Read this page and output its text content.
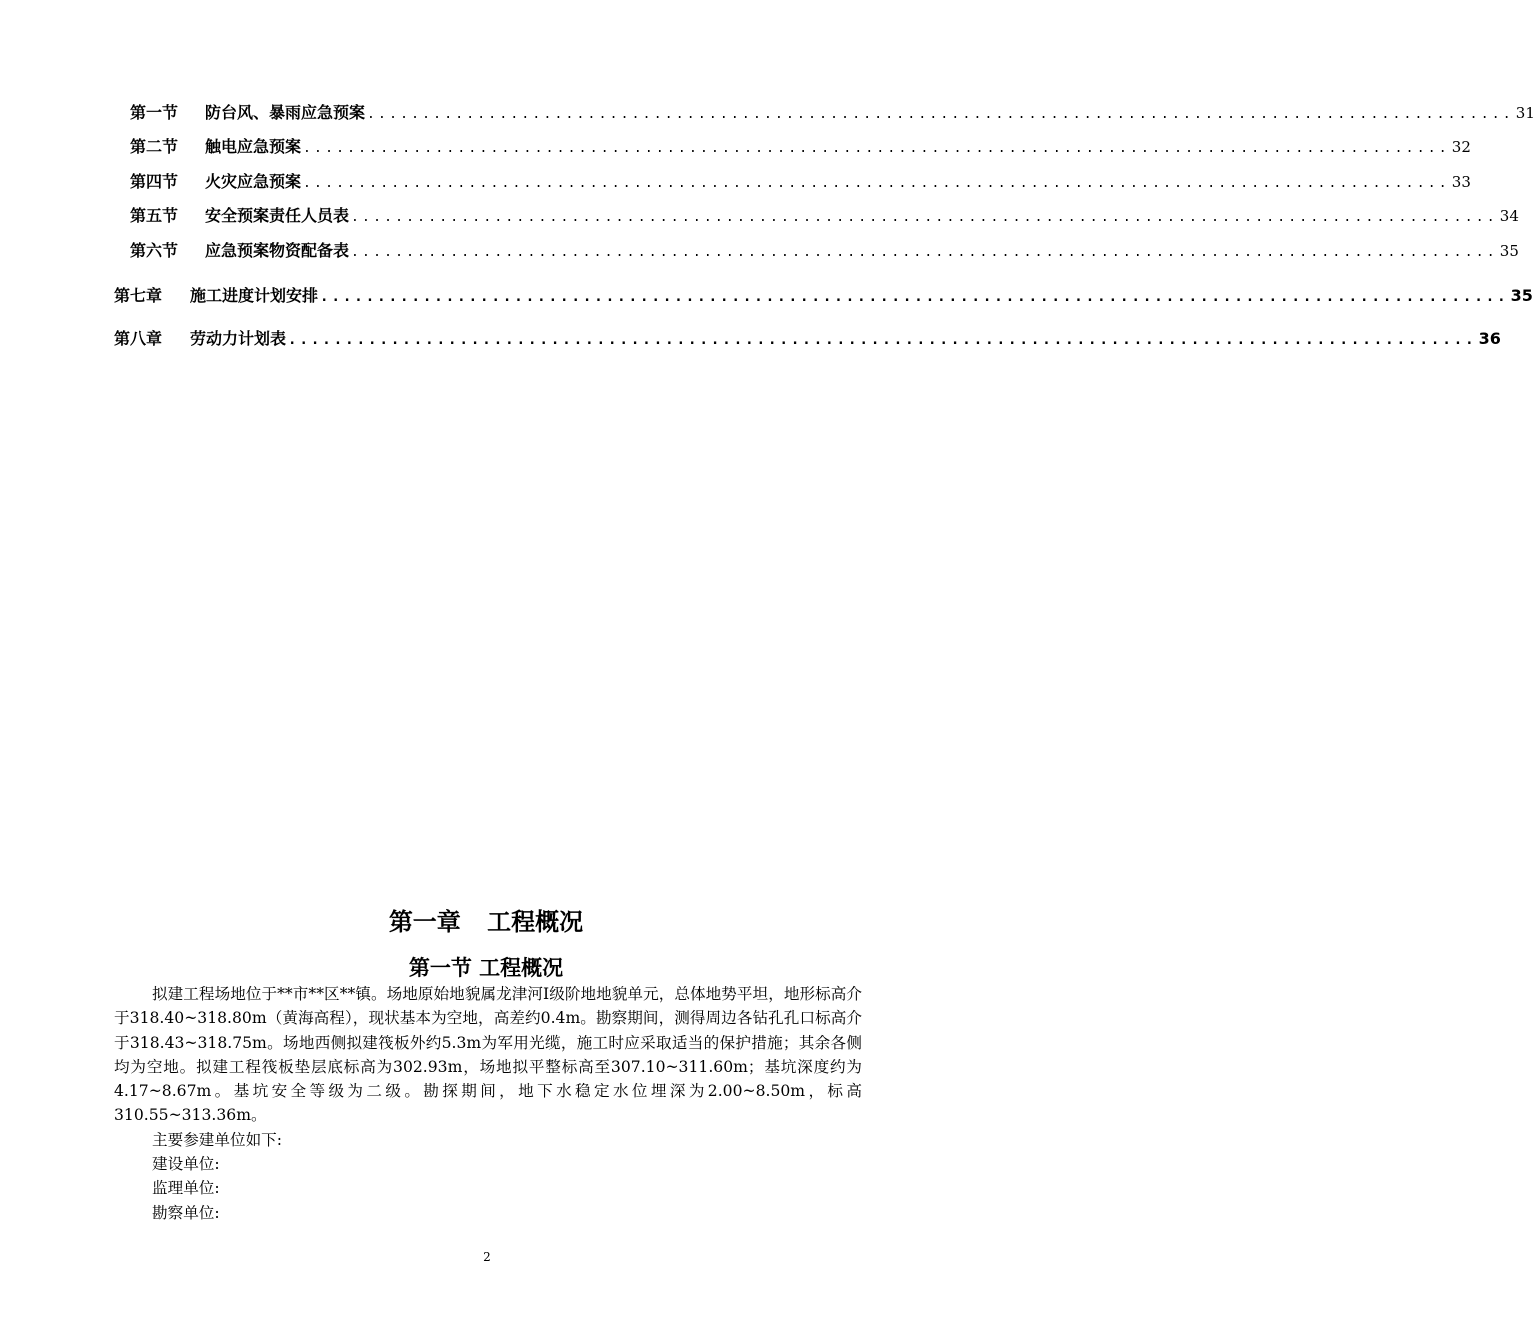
第一节 防台风、暴雨应急预案 ........................................................................................................ 31
第二节 触电应急预案 ........................................................................................................ 32
第四节 火灾应急预案 ........................................................................................................ 33
第五节 安全预案责任人员表 ........................................................................................................ 34
第六节 应急预案物资配备表 ........................................................................................................ 35
第七章 施工进度计划安排 ........................................................................................................ 35
第八章 劳动力计划表 ........................................................................................................ 36
第一章 工程概况
第一节 工程概况

拟建工程场地位于**市**区**镇。场地原始地貌属龙津河Ⅰ级阶地地貌单元，总体地势平坦，地形标高介于318.40~318.80m（黄海高程），现状基本为空地，高差约0.4m。勘察期间，测得周边各钻孔孔口标高介于318.43~318.75m。场地西侧拟建筏板外约5.3m为军用光缆，施工时应采取适当的保护措施；其余各侧均为空地。拟建工程筏板垫层底标高为302.93m，场地拟平整标高至307.10~311.60m；基坑深度约为4.17~8.67m。基坑安全等级为二级。勘探期间，地下水稳定水位埋深为2.00~8.50m，标高310.55~313.36m。

主要参建单位如下:

建设单位:

监理单位:

勘察单位:

2
